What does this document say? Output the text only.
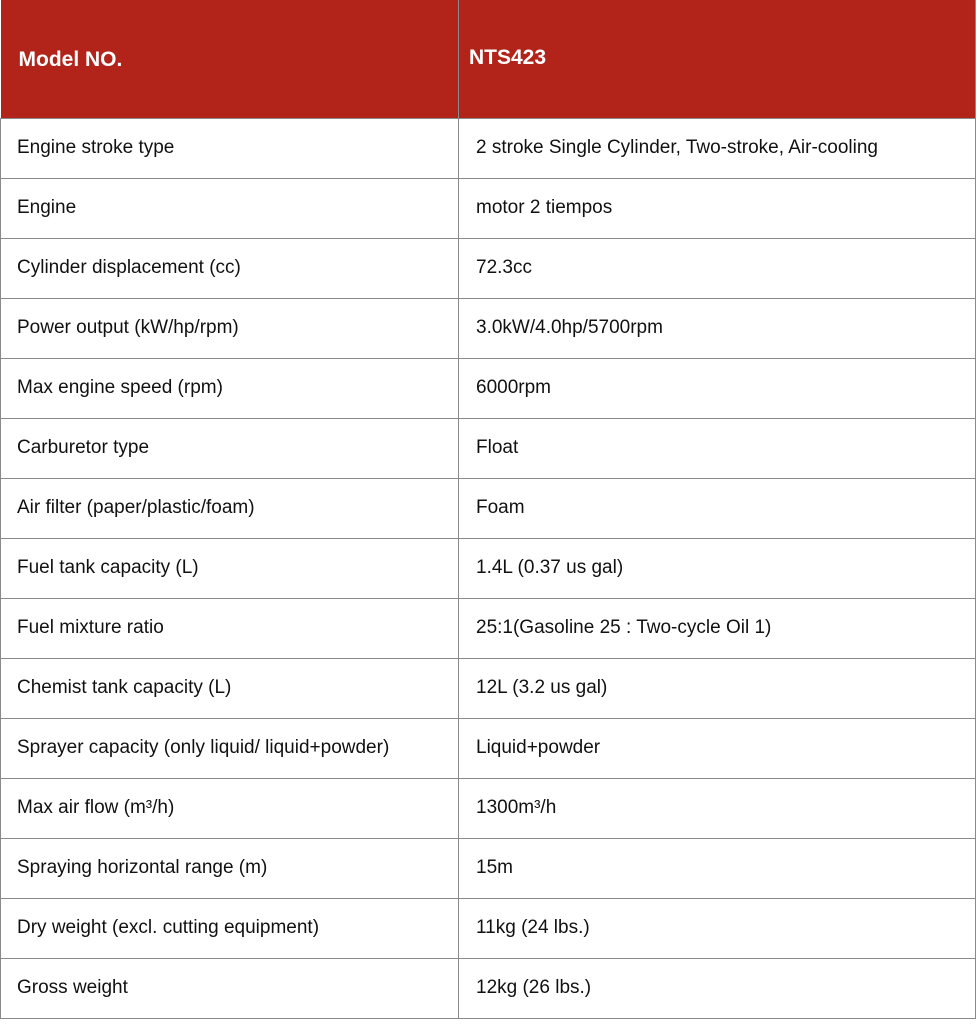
Model NO.	NTS423
Engine stroke type	2 stroke Single Cylinder, Two-stroke, Air-cooling
Engine	motor 2 tiempos
Cylinder displacement (cc)	72.3cc
Power output (kW/hp/rpm)	3.0kW/4.0hp/5700rpm
Max engine speed (rpm)	6000rpm
Carburetor type	Float
Air filter (paper/plastic/foam)	Foam
Fuel tank capacity (L)	1.4L (0.37 us gal)
Fuel mixture ratio	25:1(Gasoline 25 : Two-cycle Oil 1)
Chemist tank capacity (L)	12L (3.2 us gal)
Sprayer capacity (only liquid/ liquid+powder)	Liquid+powder
Max air flow (m³/h)	1300m³/h
Spraying horizontal range (m)	15m
Dry weight (excl. cutting equipment)	11kg (24 lbs.)
Gross weight	12kg (26 lbs.)
